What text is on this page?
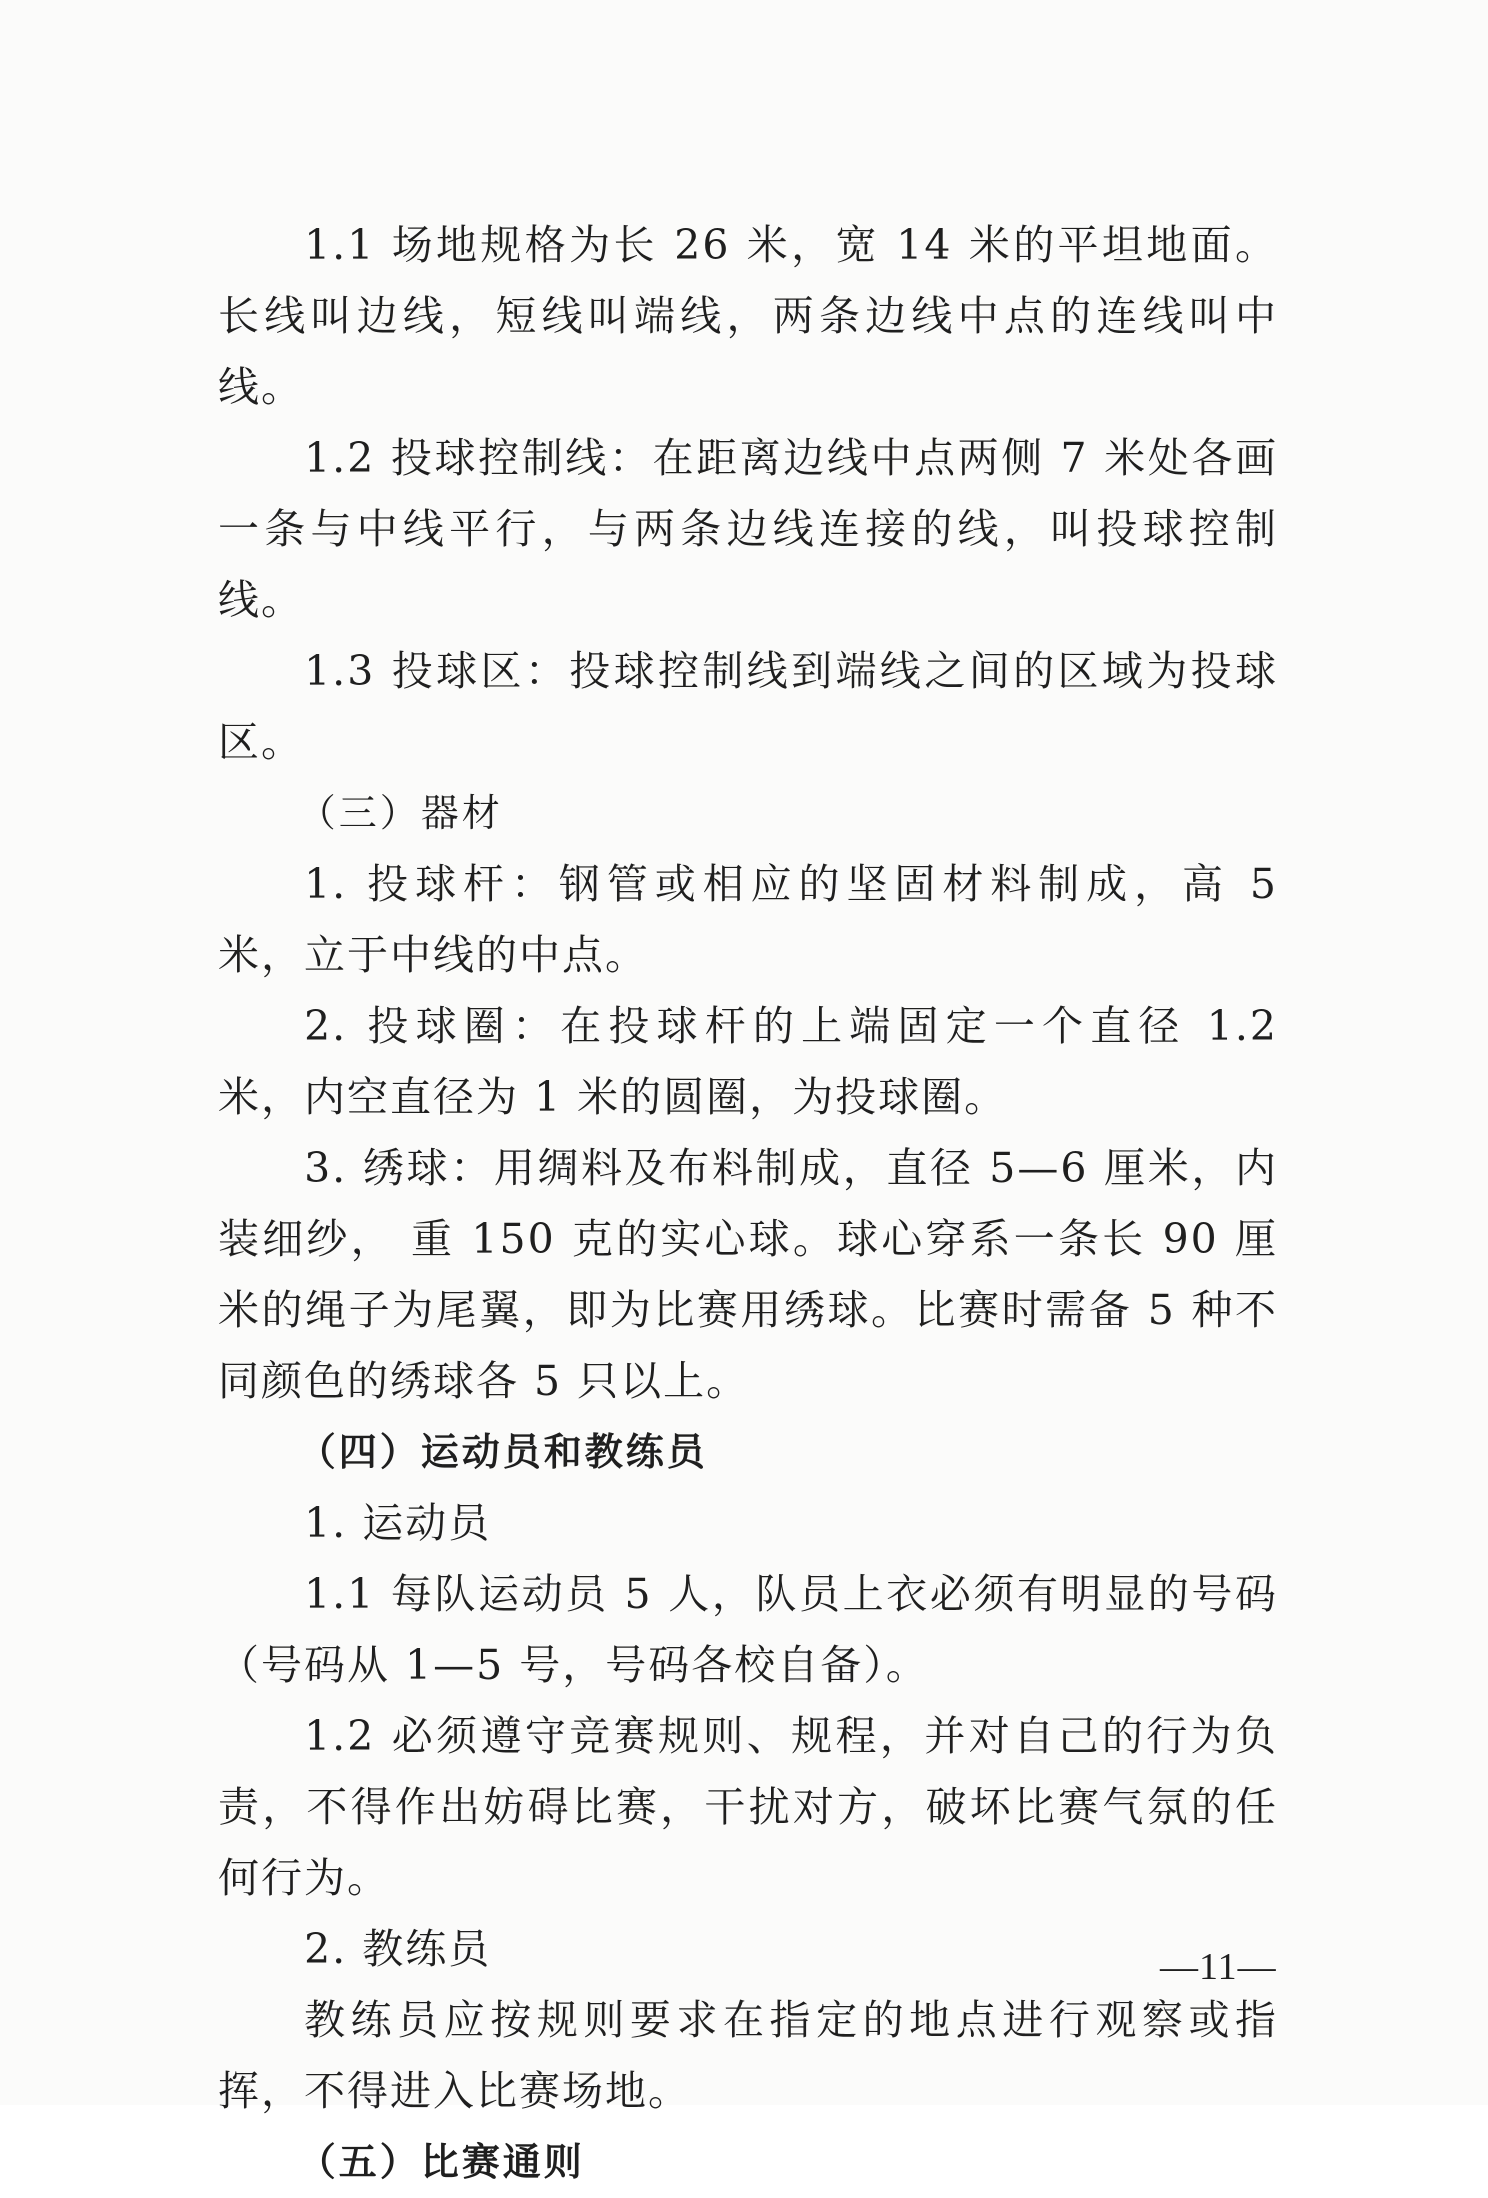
1.1 场地规格为长 26 米，宽 14 米的平坦地面。长线叫边线，短线叫端线，两条边线中点的连线叫中线。

1.2 投球控制线：在距离边线中点两侧 7 米处各画一条与中线平行，与两条边线连接的线，叫投球控制线。

1.3 投球区：投球控制线到端线之间的区域为投球区。

（三）器材

1. 投球杆：钢管或相应的坚固材料制成，高 5 米，立于中线的中点。

2. 投球圈：在投球杆的上端固定一个直径 1.2 米，内空直径为 1 米的圆圈，为投球圈。

3. 绣球：用绸料及布料制成，直径 5—6 厘米，内装细纱， 重 150 克的实心球。球心穿系一条长 90 厘米的绳子为尾翼，即为比赛用绣球。比赛时需备 5 种不同颜色的绣球各 5 只以上。

（四）运动员和教练员

1. 运动员

1.1 每队运动员 5 人，队员上衣必须有明显的号码（号码从 1—5 号，号码各校自备）。

1.2 必须遵守竞赛规则、规程，并对自己的行为负责，不得作出妨碍比赛，干扰对方，破坏比赛气氛的任何行为。

2. 教练员

教练员应按规则要求在指定的地点进行观察或指挥，不得进入比赛场地。

（五）比赛通则

—11—
